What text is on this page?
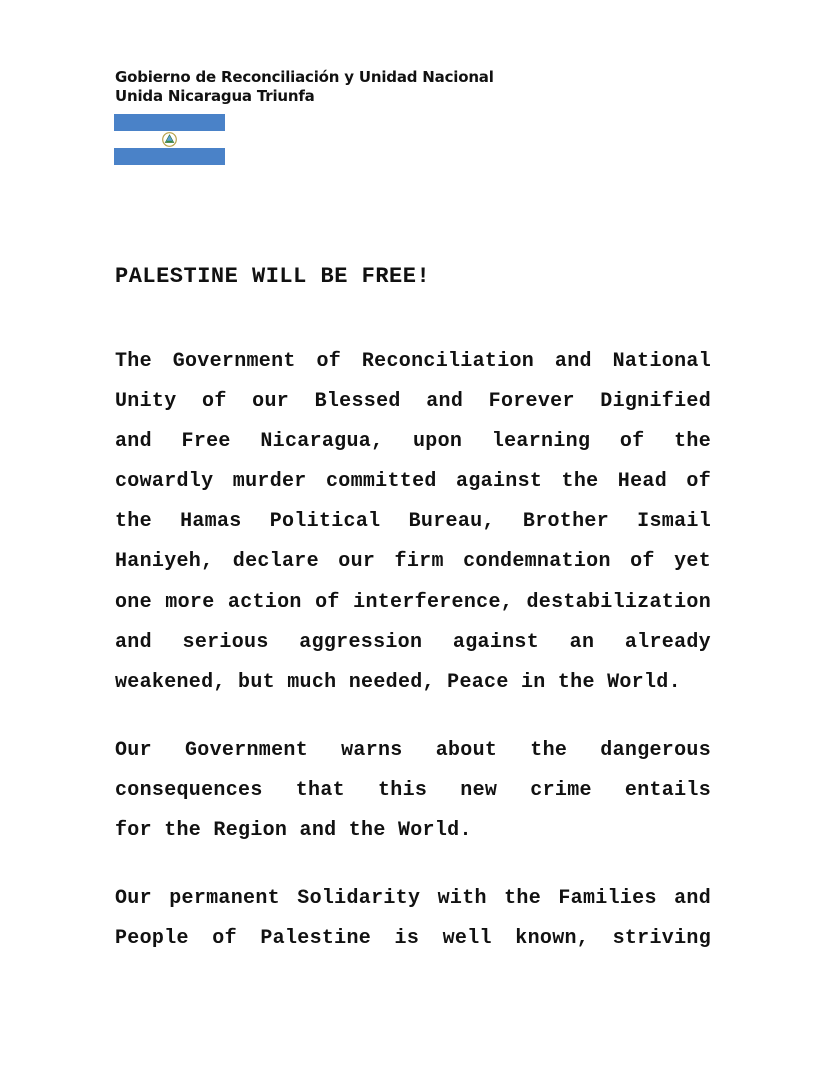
Gobierno de Reconciliación y Unidad Nacional
Unida Nicaragua Triunfa
PALESTINE WILL BE FREE!
The Government of Reconciliation and National
Unity of our Blessed and Forever Dignified
and Free Nicaragua, upon learning of the
cowardly murder committed against the Head of
the Hamas Political Bureau, Brother Ismail
Haniyeh, declare our firm condemnation of yet
one more action of interference, destabilization
and serious aggression against an already
weakened, but much needed, Peace in the World.
Our Government warns about the dangerous
consequences that this new crime entails
for the Region and the World.
Our permanent Solidarity with the Families and
People of Palestine is well known, striving
